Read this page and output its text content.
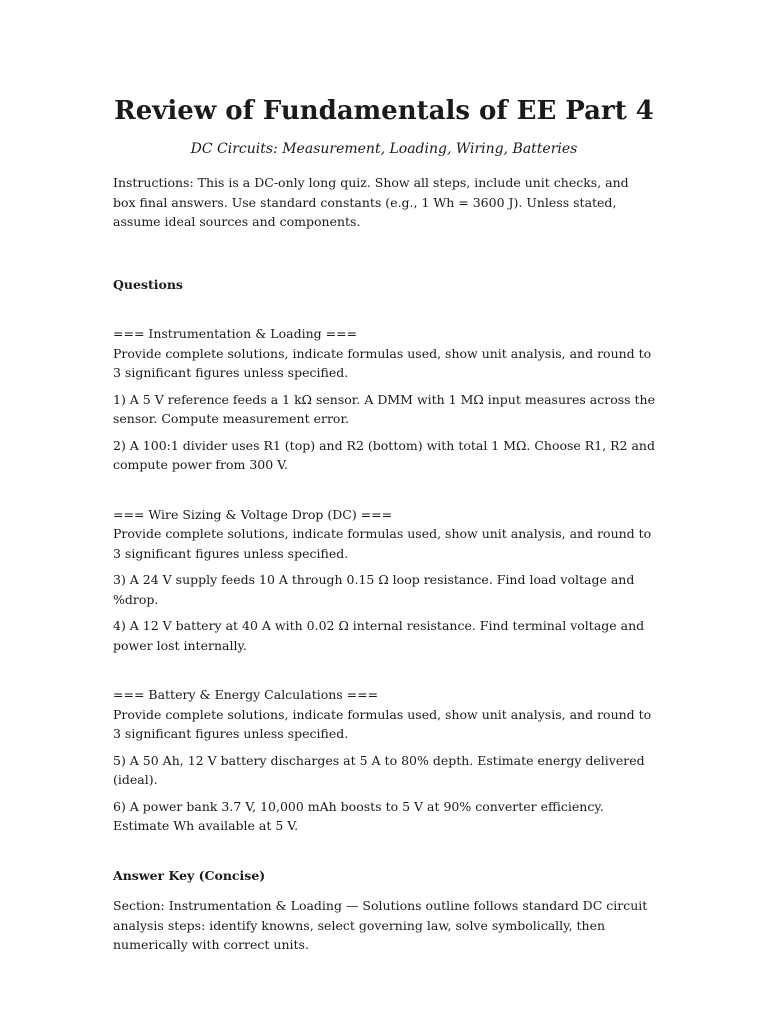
Review of Fundamentals of EE Part 4

DC Circuits: Measurement, Loading, Wiring, Batteries

Instructions: This is a DC-only long quiz. Show all steps, include unit checks, and box final answers. Use standard constants (e.g., 1 Wh = 3600 J). Unless stated, assume ideal sources and components.

Questions

=== Instrumentation & Loading ===

Provide complete solutions, indicate formulas used, show unit analysis, and round to 3 significant figures unless specified.

1) A 5 V reference feeds a 1 kΩ sensor. A DMM with 1 MΩ input measures across the sensor. Compute measurement error.

2) A 100:1 divider uses R1 (top) and R2 (bottom) with total 1 MΩ. Choose R1, R2 and compute power from 300 V.

=== Wire Sizing & Voltage Drop (DC) ===

Provide complete solutions, indicate formulas used, show unit analysis, and round to 3 significant figures unless specified.

3) A 24 V supply feeds 10 A through 0.15 Ω loop resistance. Find load voltage and %drop.

4) A 12 V battery at 40 A with 0.02 Ω internal resistance. Find terminal voltage and power lost internally.

=== Battery & Energy Calculations ===

Provide complete solutions, indicate formulas used, show unit analysis, and round to 3 significant figures unless specified.

5) A 50 Ah, 12 V battery discharges at 5 A to 80% depth. Estimate energy delivered (ideal).

6) A power bank 3.7 V, 10,000 mAh boosts to 5 V at 90% converter efficiency. Estimate Wh available at 5 V.

Answer Key (Concise)

Section: Instrumentation & Loading — Solutions outline follows standard DC circuit analysis steps: identify knowns, select governing law, solve symbolically, then numerically with correct units.
